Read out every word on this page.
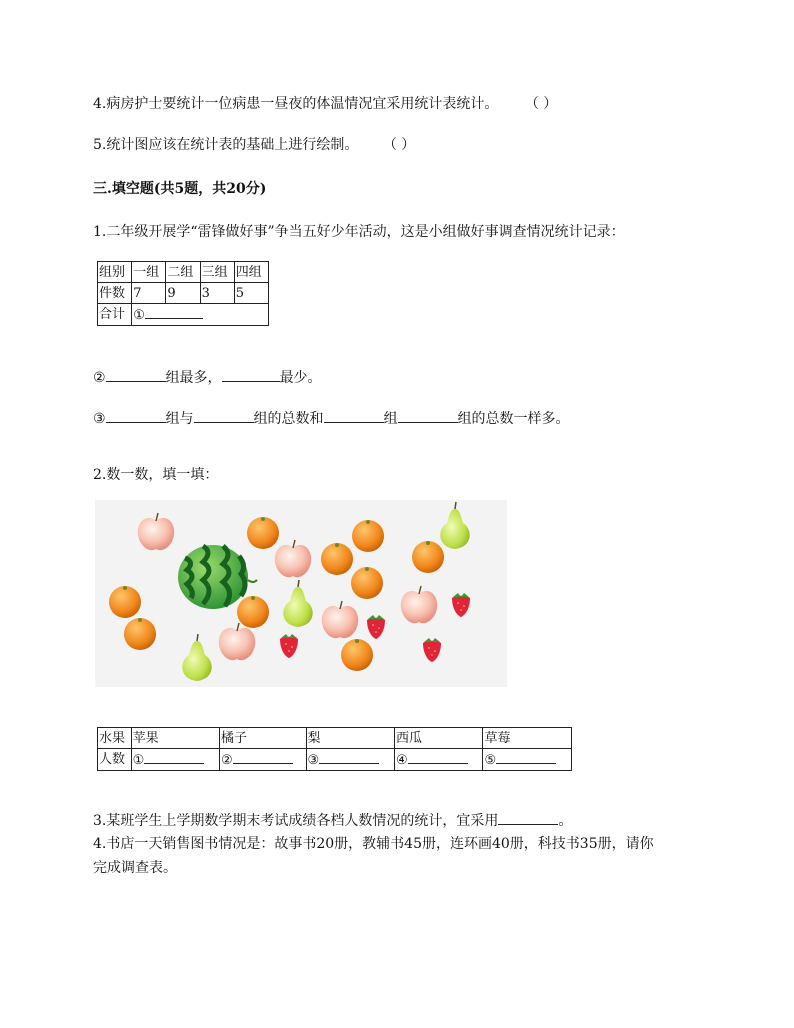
4.病房护士要统计一位病患一昼夜的体温情况宜采用统计表统计。 （ ）
5.统计图应该在统计表的基础上进行绘制。 （ ）
三.填空题(共5题，共20分)
1.二年级开展学“雷锋做好事”争当五好少年活动，这是小组做好事调查情况统计记录：
组别	一组	二组	三组	四组
件数	7	9	3	5
合计	①			
②	组最多，	最少。
③	组与	组的总数和	组	组的总数一样多。
2.数一数，填一填：
水果	苹果	橘子	梨	西瓜	草莓
人数	①	②	③	④	⑤
3.某班学生上学期数学期末考试成绩各档人数情况的统计，宜采用	。
4.书店一天销售图书情况是：故事书20册，教辅书45册，连环画40册，科技书35册，请你
完成调查表。
